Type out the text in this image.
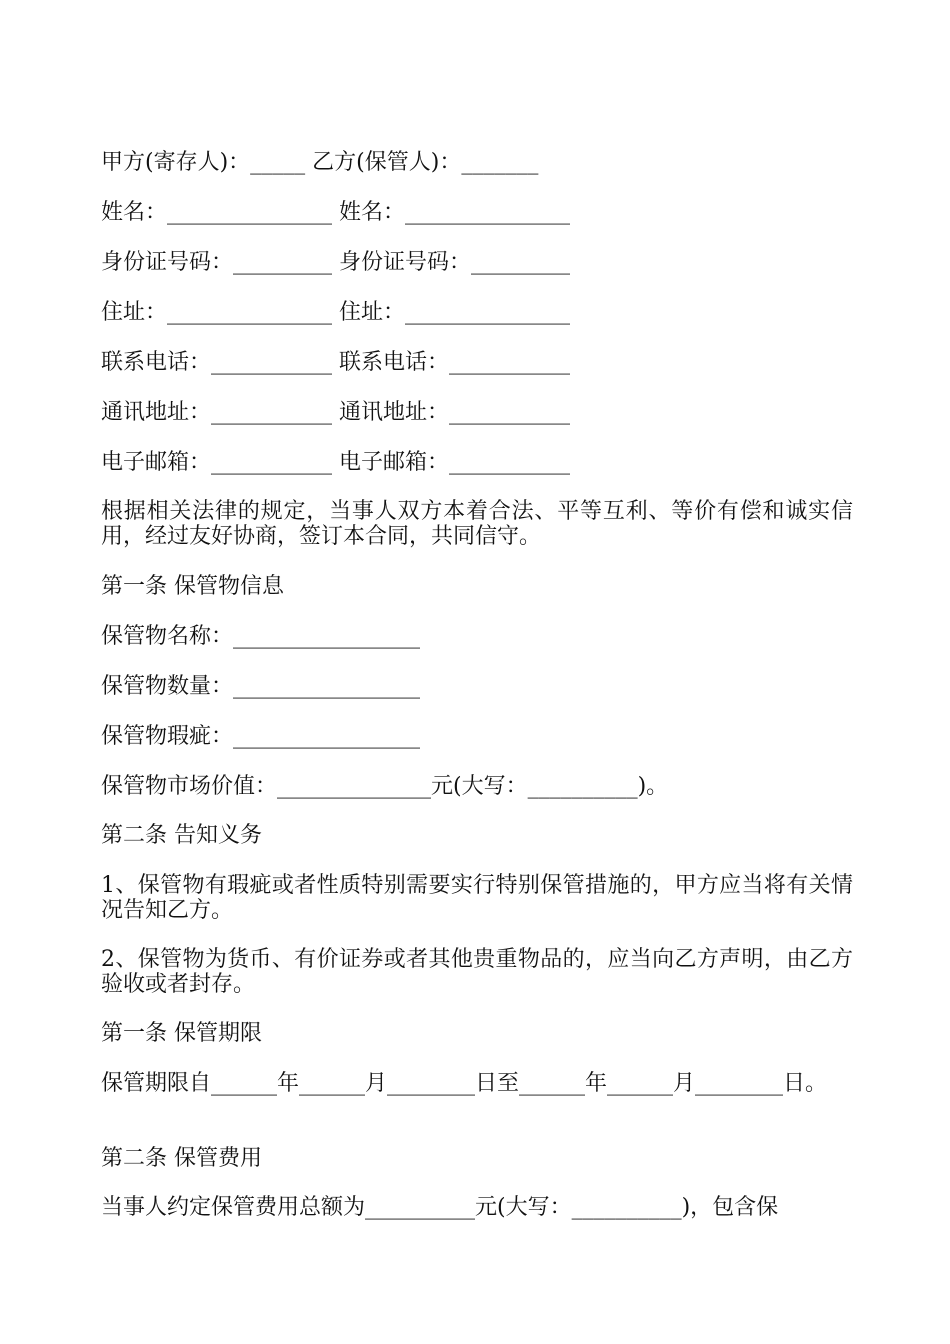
甲方(寄存人)：_____ 乙方(保管人)：_______
姓名：_______________ 姓名：_______________
身份证号码：_________ 身份证号码：_________
住址：_______________ 住址：_______________
联系电话：___________ 联系电话：___________
通讯地址：___________ 通讯地址：___________
电子邮箱：___________ 电子邮箱：___________
根据相关法律的规定，当事人双方本着合法、平等互利、等价有偿和诚实信用，经过友好协商，签订本合同，共同信守。
第一条 保管物信息
保管物名称：_________________
保管物数量：_________________
保管物瑕疵：_________________
保管物市场价值：______________元(大写：__________)。
第二条 告知义务
1、保管物有瑕疵或者性质特别需要实行特别保管措施的，甲方应当将有关情况告知乙方。
2、保管物为货币、有价证券或者其他贵重物品的，应当向乙方声明，由乙方验收或者封存。
第一条 保管期限
保管期限自______年______月________日至______年______月________日。
第二条 保管费用
当事人约定保管费用总额为__________元(大写：__________)，包含保
